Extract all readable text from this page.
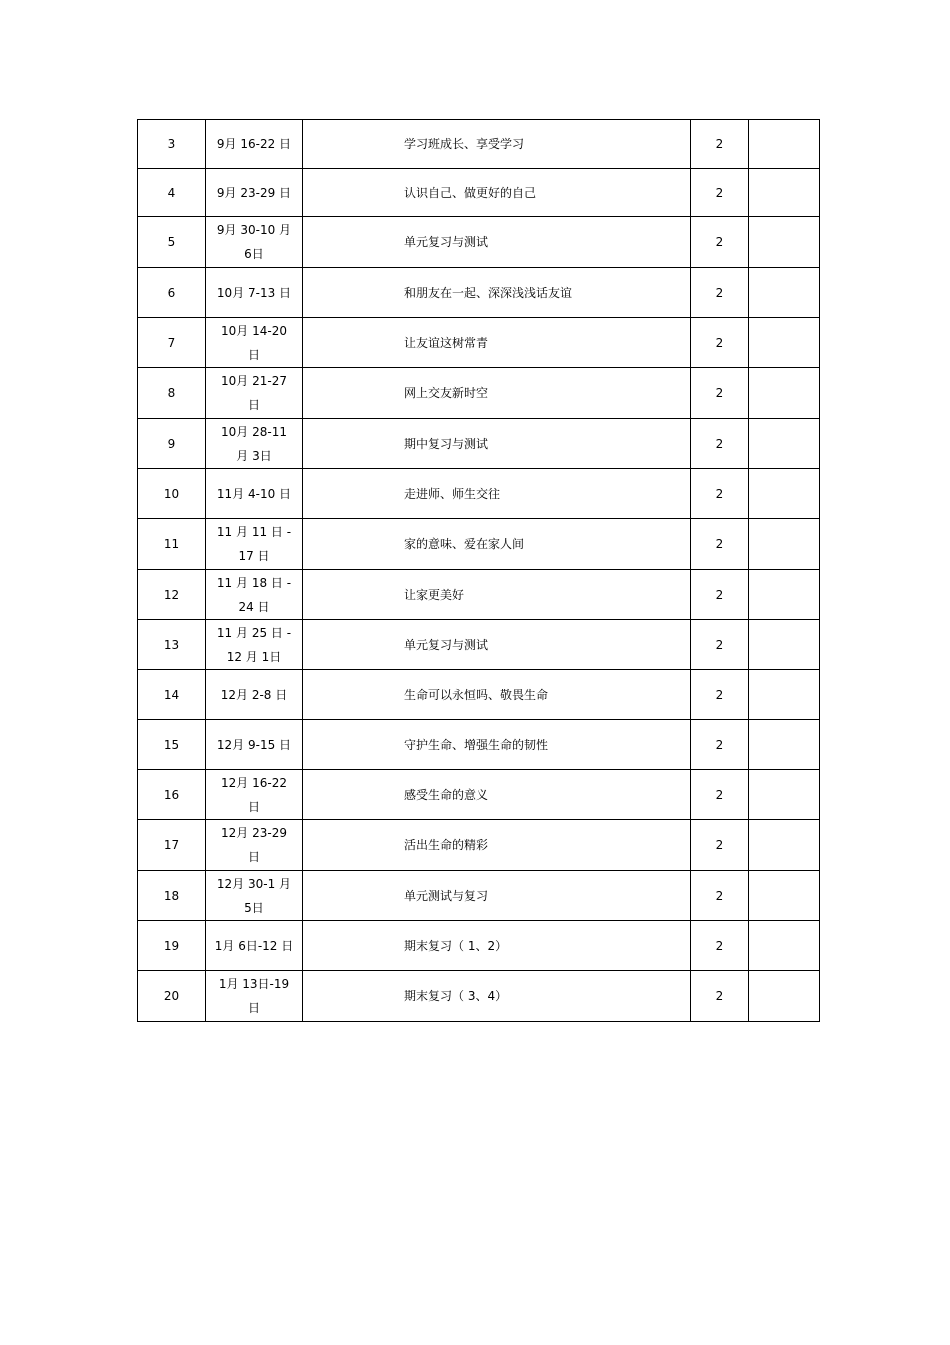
3	9月 16-22 日	学习班成长、享受学习	2	
4	9月 23-29 日	认识自己、做更好的自己	2	
5	9月 30-10 月 6日	单元复习与测试	2	
6	10月 7-13 日	和朋友在一起、深深浅浅话友谊	2	
7	10月 14-20 日	让友谊这树常青	2	
8	10月 21-27 日	网上交友新时空	2	
9	10月 28-11 月 3日	期中复习与测试	2	
10	11月 4-10 日	走进师、师生交往	2	
11	11 月 11 日 -17 日	家的意味、爱在家人间	2	
12	11 月 18 日 -24 日	让家更美好	2	
13	11 月 25 日 -12 月 1日	单元复习与测试	2	
14	12月 2-8 日	生命可以永恒吗、敬畏生命	2	
15	12月 9-15 日	守护生命、增强生命的韧性	2	
16	12月 16-22 日	感受生命的意义	2	
17	12月 23-29 日	活出生命的精彩	2	
18	12月 30-1 月 5日	单元测试与复习	2	
19	1月 6日-12 日	期末复习（ 1、2）	2	
20	1月 13日-19 日	期末复习（ 3、4）	2	
